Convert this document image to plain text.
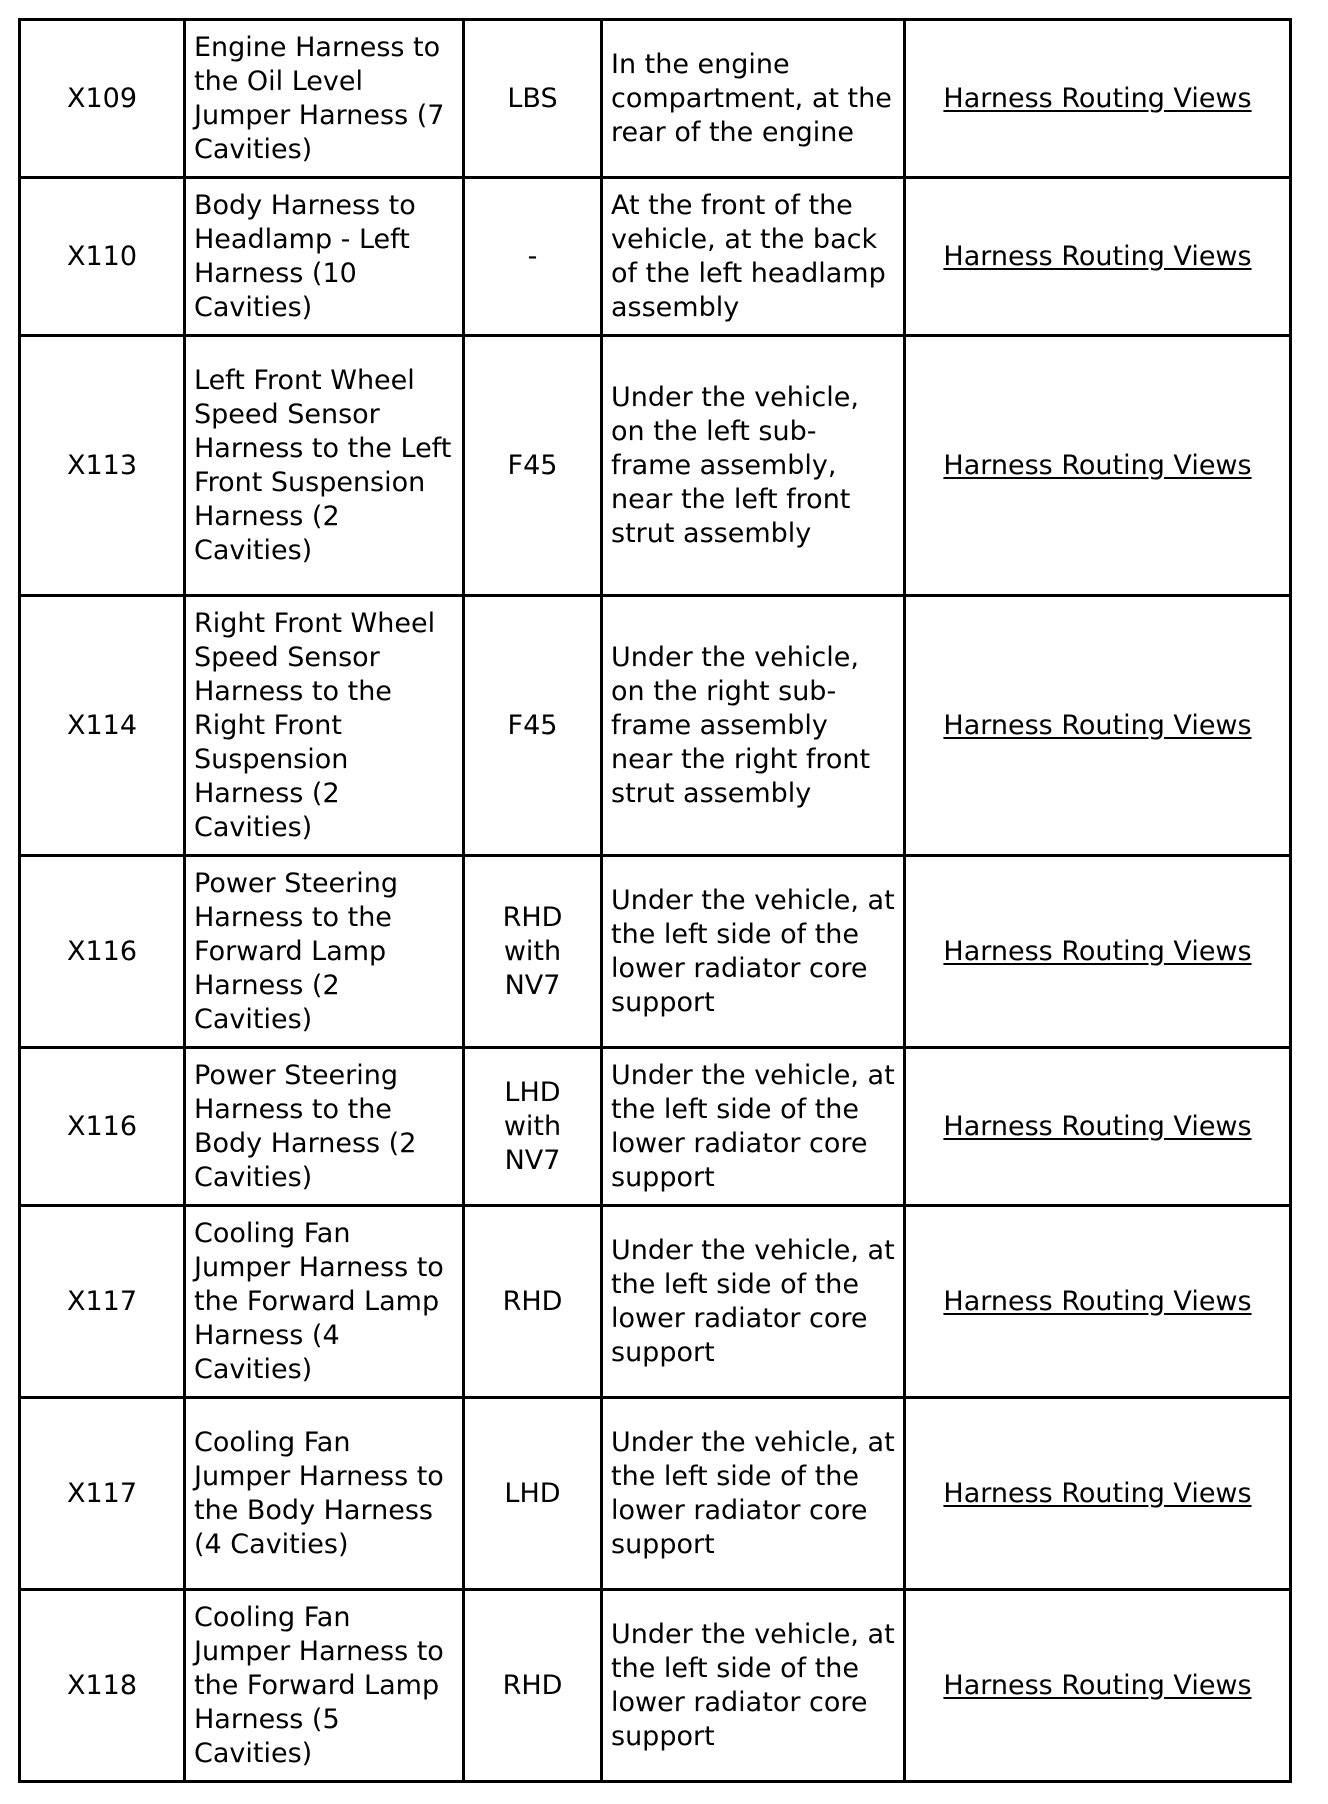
X109	Engine Harness to the Oil Level Jumper Harness (7 Cavities)	LBS	In the engine compartment, at the rear of the engine	Harness Routing Views
X110	Body Harness to Headlamp - Left Harness (10 Cavities)	-	At the front of the vehicle, at the back of the left headlamp assembly	Harness Routing Views
X113	Left Front Wheel Speed Sensor Harness to the Left Front Suspension Harness (2 Cavities)	F45	Under the vehicle, on the left sub-frame assembly, near the left front strut assembly	Harness Routing Views
X114	Right Front Wheel Speed Sensor Harness to the Right Front Suspension Harness (2 Cavities)	F45	Under the vehicle, on the right sub-frame assembly near the right front strut assembly	Harness Routing Views
X116	Power Steering Harness to the Forward Lamp Harness (2 Cavities)	RHD with NV7	Under the vehicle, at the left side of the lower radiator core support	Harness Routing Views
X116	Power Steering Harness to the Body Harness (2 Cavities)	LHD with NV7	Under the vehicle, at the left side of the lower radiator core support	Harness Routing Views
X117	Cooling Fan Jumper Harness to the Forward Lamp Harness (4 Cavities)	RHD	Under the vehicle, at the left side of the lower radiator core support	Harness Routing Views
X117	Cooling Fan Jumper Harness to the Body Harness (4 Cavities)	LHD	Under the vehicle, at the left side of the lower radiator core support	Harness Routing Views
X118	Cooling Fan Jumper Harness to the Forward Lamp Harness (5 Cavities)	RHD	Under the vehicle, at the left side of the lower radiator core support	Harness Routing Views
